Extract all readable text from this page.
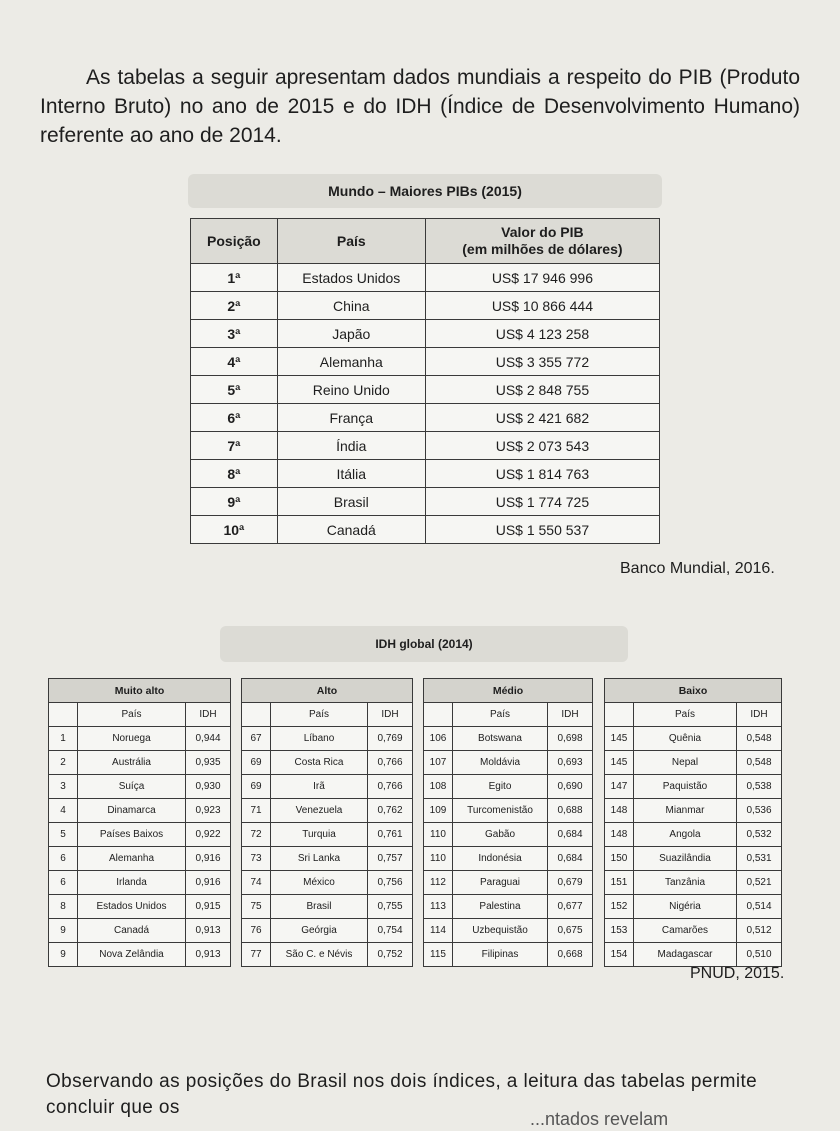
As tabelas a seguir apresentam dados mundiais a respeito do PIB (Produto Interno Bruto) no ano de 2015 e do IDH (Índice de Desenvolvimento Humano) referente ao ano de 2014.

Mundo – Maiores PIBs (2015)
Posição	País	Valor do PIB
(em milhões de dólares)
1ª	Estados Unidos	US$ 17 946 996
2ª	China	US$ 10 866 444
3ª	Japão	US$ 4 123 258
4ª	Alemanha	US$ 3 355 772
5ª	Reino Unido	US$ 2 848 755
6ª	França	US$ 2 421 682
7ª	Índia	US$ 2 073 543
8ª	Itália	US$ 1 814 763
9ª	Brasil	US$ 1 774 725
10ª	Canadá	US$ 1 550 537
Banco Mundial, 2016.
IDH global (2014)
Muito alto		
	País	IDH
1	Noruega	0,944
2	Austrália	0,935
3	Suíça	0,930
4	Dinamarca	0,923
5	Países Baixos	0,922
6	Alemanha	0,916
6	Irlanda	0,916
8	Estados Unidos	0,915
9	Canadá	0,913
9	Nova Zelândia	0,913
Alto		
	País	IDH
67	Líbano	0,769
69	Costa Rica	0,766
69	Irã	0,766
71	Venezuela	0,762
72	Turquia	0,761
73	Sri Lanka	0,757
74	México	0,756
75	Brasil	0,755
76	Geórgia	0,754
77	São C. e Névis	0,752
Médio		
	País	IDH
106	Botswana	0,698
107	Moldávia	0,693
108	Egito	0,690
109	Turcomenistão	0,688
110	Gabão	0,684
110	Indonésia	0,684
112	Paraguai	0,679
113	Palestina	0,677
114	Uzbequistão	0,675
115	Filipinas	0,668
Baixo		
	País	IDH
145	Quênia	0,548
145	Nepal	0,548
147	Paquistão	0,538
148	Mianmar	0,536
148	Angola	0,532
150	Suazilândia	0,531
151	Tanzânia	0,521
152	Nigéria	0,514
153	Camarões	0,512
154	Madagascar	0,510
PNUD, 2015.

Observando as posições do Brasil nos dois índices, a leitura das tabelas permite concluir que os

...ntados revelam
